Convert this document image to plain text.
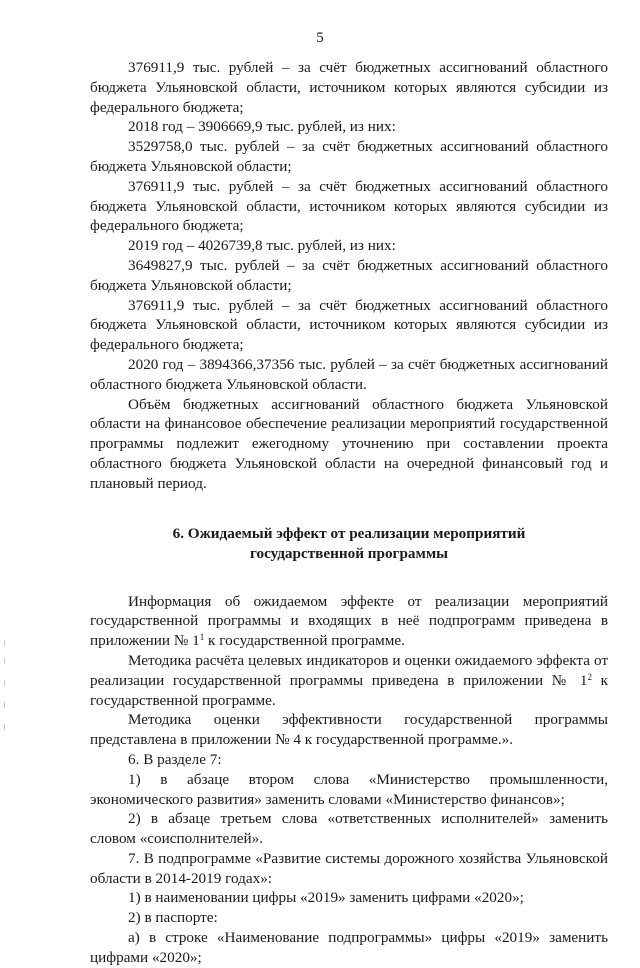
5

376911,9 тыс. рублей – за счёт бюджетных ассигнований областного бюджета Ульяновской области, источником которых являются субсидии из федерального бюджета;

2018 год – 3906669,9 тыс. рублей, из них:

3529758,0 тыс. рублей – за счёт бюджетных ассигнований областного бюджета Ульяновской области;

376911,9 тыс. рублей – за счёт бюджетных ассигнований областного бюджета Ульяновской области, источником которых являются субсидии из федерального бюджета;

2019 год – 4026739,8 тыс. рублей, из них:

3649827,9 тыс. рублей – за счёт бюджетных ассигнований областного бюджета Ульяновской области;

376911,9 тыс. рублей – за счёт бюджетных ассигнований областного бюджета Ульяновской области, источником которых являются субсидии из федерального бюджета;

2020 год – 3894366,37356 тыс. рублей – за счёт бюджетных ассигнований областного бюджета Ульяновской области.

Объём бюджетных ассигнований областного бюджета Ульяновской области на финансовое обеспечение реализации мероприятий государственной программы подлежит ежегодному уточнению при составлении проекта областного бюджета Ульяновской области на очередной финансовый год и плановый период.

6. Ожидаемый эффект от реализации мероприятий
государственной программы

Информация об ожидаемом эффекте от реализации мероприятий государственной программы и входящих в неё подпрограмм приведена в приложении № $1^1$ к государственной программе.

Методика расчёта целевых индикаторов и оценки ожидаемого эффекта от реализации государственной программы приведена в приложении № $1^2$ к государственной программе.

Методика оценки эффективности государственной программы представлена в приложении № 4 к государственной программе.».

6. В разделе 7:

1) в абзаце втором слова «Министерство промышленности, экономического развития» заменить словами «Министерство финансов»;

2) в абзаце третьем слова «ответственных исполнителей» заменить словом «соисполнителей».

7. В подпрограмме «Развитие системы дорожного хозяйства Ульяновской области в 2014-2019 годах»:

1) в наименовании цифры «2019» заменить цифрами «2020»;

2) в паспорте:

а) в строке «Наименование подпрограммы» цифры «2019» заменить цифрами «2020»;
